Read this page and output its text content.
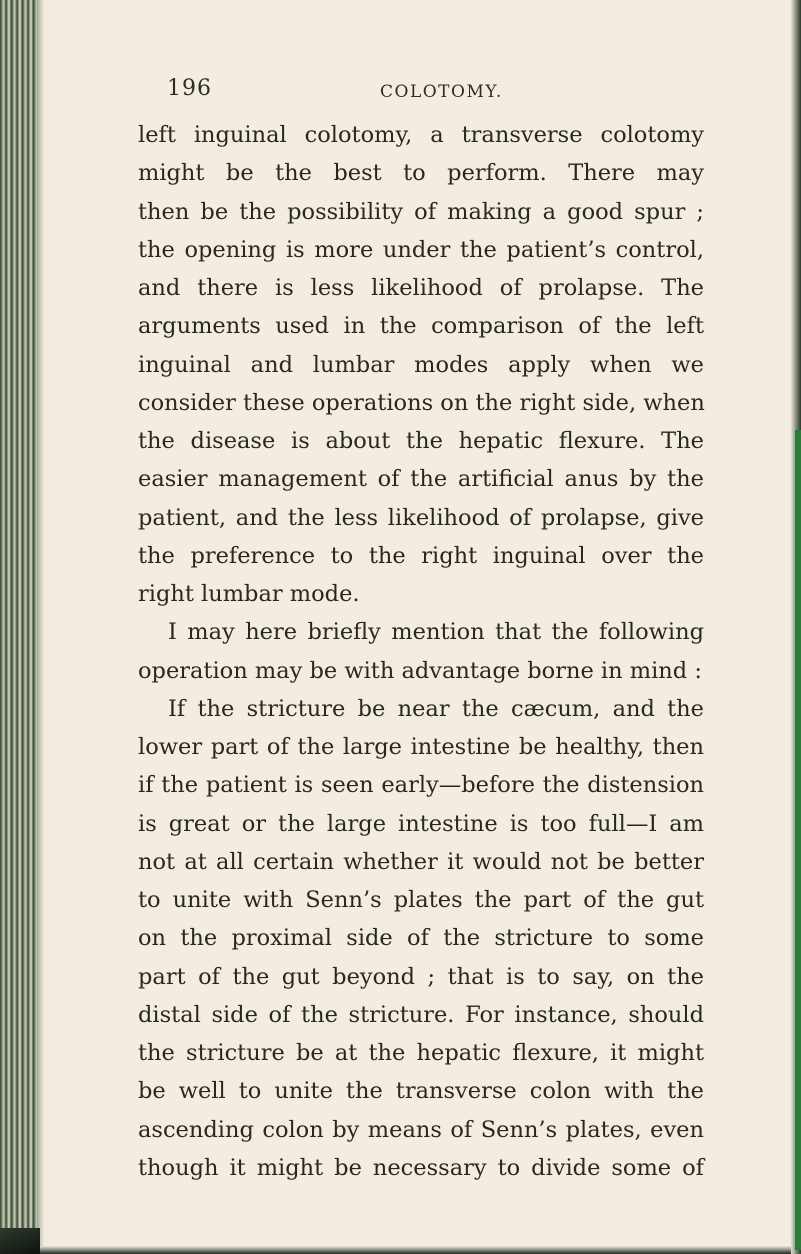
196	COLOTOMY.
left inguinal colotomy, a transverse colotomy
might be the best to perform. There may
then be the possibility of making a good spur ;
the opening is more under the patient’s control,
and there is less likelihood of prolapse. The
arguments used in the comparison of the left
inguinal and lumbar modes apply when we
consider these operations on the right side, when
the disease is about the hepatic flexure. The
easier management of the artificial anus by the
patient, and the less likelihood of prolapse, give
the preference to the right inguinal over the
right lumbar mode.
I may here briefly mention that the following
operation may be with advantage borne in mind :
If the stricture be near the cæcum, and the
lower part of the large intestine be healthy, then
if the patient is seen early—before the distension
is great or the large intestine is too full—I am
not at all certain whether it would not be better
to unite with Senn’s plates the part of the gut
on the proximal side of the stricture to some
part of the gut beyond ; that is to say, on the
distal side of the stricture. For instance, should
the stricture be at the hepatic flexure, it might
be well to unite the transverse colon with the
ascending colon by means of Senn’s plates, even
though it might be necessary to divide some of
